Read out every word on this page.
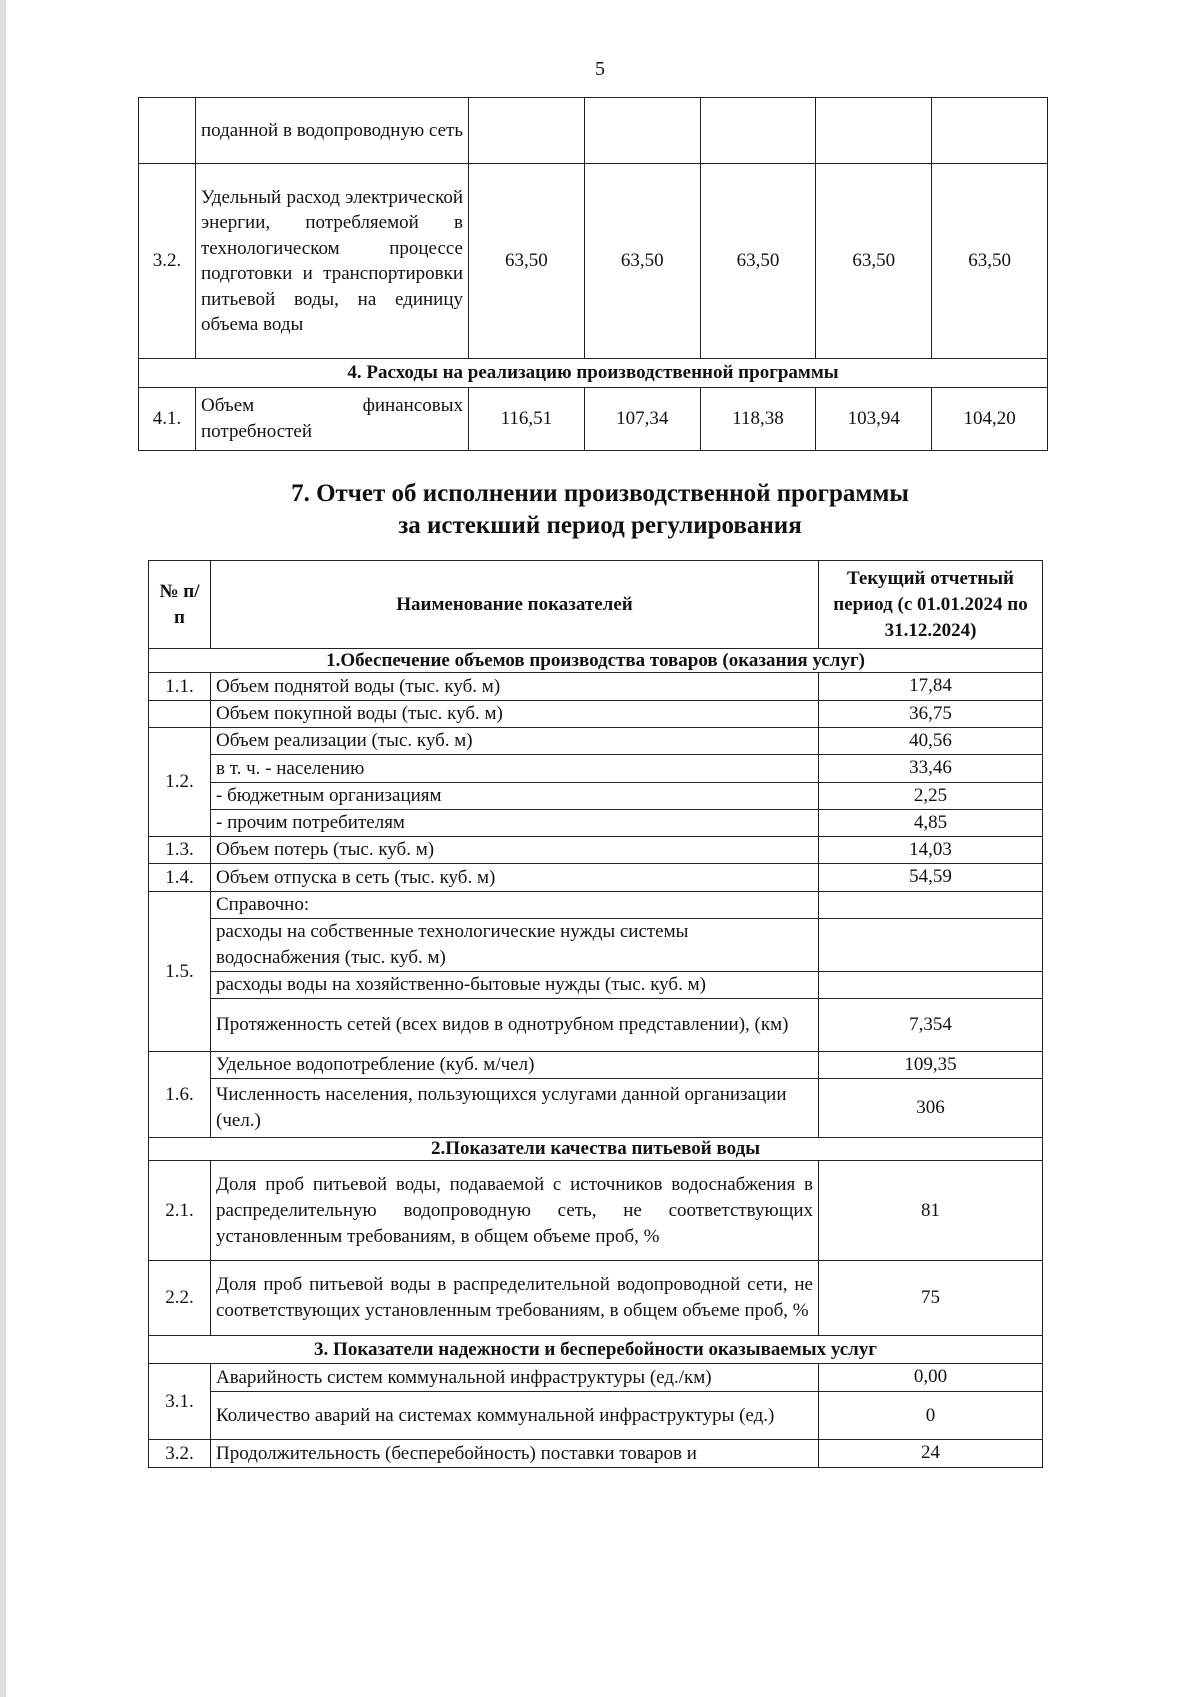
5
	поданной в водопроводную сеть					
3.2.	Удельный расход электрической энергии, потребляемой в технологическом процессе подготовки и транспортировки питьевой воды, на единицу объема воды	63,50	63,50	63,50	63,50	63,50
4. Расходы на реализацию производственной программы						
4.1.	Объем финансовых потребностей	116,51	107,34	118,38	103,94	104,20
7. Отчет об исполнении производственной программы
за истекший период регулирования
№ п/п	Наименование показателей	Текущий отчетный период (с 01.01.2024 по 31.12.2024)
1.Обеспечение объемов производства товаров (оказания услуг)		
1.1.	Объем поднятой воды (тыс. куб. м)	17,84
	Объем покупной воды (тыс. куб. м)	36,75
1.2.	Объем реализации (тыс. куб. м)	40,56
	в т. ч. - населению	33,46
	- бюджетным организациям	2,25
	- прочим потребителям	4,85
1.3.	Объем потерь (тыс. куб. м)	14,03
1.4.	Объем отпуска в сеть (тыс. куб. м)	54,59
1.5.	Справочно:	
	расходы на собственные технологические нужды системы водоснабжения (тыс. куб. м)	
	расходы воды на хозяйственно-бытовые нужды (тыс. куб. м)	
	Протяженность сетей (всех видов в однотрубном представлении), (км)	7,354
1.6.	Удельное водопотребление (куб. м/чел)	109,35
	Численность населения, пользующихся услугами данной организации (чел.)	306
2.Показатели качества питьевой воды		
2.1.	Доля проб питьевой воды, подаваемой с источников водоснабжения в распределительную водопроводную сеть, не соответствующих установленным требованиям, в общем объеме проб, %	81
2.2.	Доля проб питьевой воды в распределительной водопроводной сети, не соответствующих установленным требованиям, в общем объеме проб, %	75
3. Показатели надежности и бесперебойности оказываемых услуг		
3.1.	Аварийность систем коммунальной инфраструктуры (ед./км)	0,00
	Количество аварий на системах коммунальной инфраструктуры (ед.)	0
3.2.	Продолжительность (бесперебойность) поставки товаров и	24
